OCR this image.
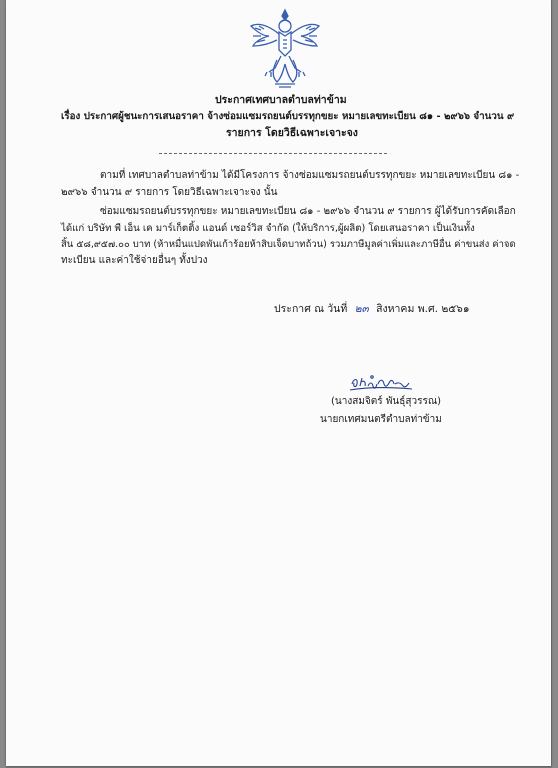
ประกาศเทศบาลตำบลท่าข้าม
เรื่อง ประกาศผู้ชนะการเสนอราคา จ้างซ่อมแซมรถยนต์บรรทุกขยะ หมายเลขทะเบียน ๘๑ - ๒๙๖๖ จำนวน ๙
รายการ โดยวิธีเฉพาะเจาะจง
ตามที่ เทศบาลตำบลท่าข้าม ได้มีโครงการ จ้างซ่อมแซมรถยนต์บรรทุกขยะ หมายเลขทะเบียน ๘๑ -
๒๙๖๖ จำนวน ๙ รายการ โดยวิธีเฉพาะเจาะจง นั้น
ซ่อมแซมรถยนต์บรรทุกขยะ หมายเลขทะเบียน ๘๑ - ๒๙๖๖ จำนวน ๙ รายการ ผู้ได้รับการคัดเลือก
ได้แก่ บริษัท พี เอ็น เค มาร์เก็ตติ้ง แอนด์ เซอร์วิส จำกัด (ให้บริการ,ผู้ผลิต) โดยเสนอราคา เป็นเงินทั้ง
สิ้น ๕๘,๙๕๗.๐๐ บาท (ห้าหมื่นแปดพันเก้าร้อยห้าสิบเจ็ดบาทถ้วน) รวมภาษีมูลค่าเพิ่มและภาษีอื่น ค่าขนส่ง ค่าจด
ทะเบียน และค่าใช้จ่ายอื่นๆ ทั้งปวง
ประกาศ ณ วันที่ ๒๓ สิงหาคม พ.ศ. ๒๕๖๑
(นางสมจิตร์ พันธุ์สุวรรณ)
นายกเทศมนตรีตำบลท่าข้าม
